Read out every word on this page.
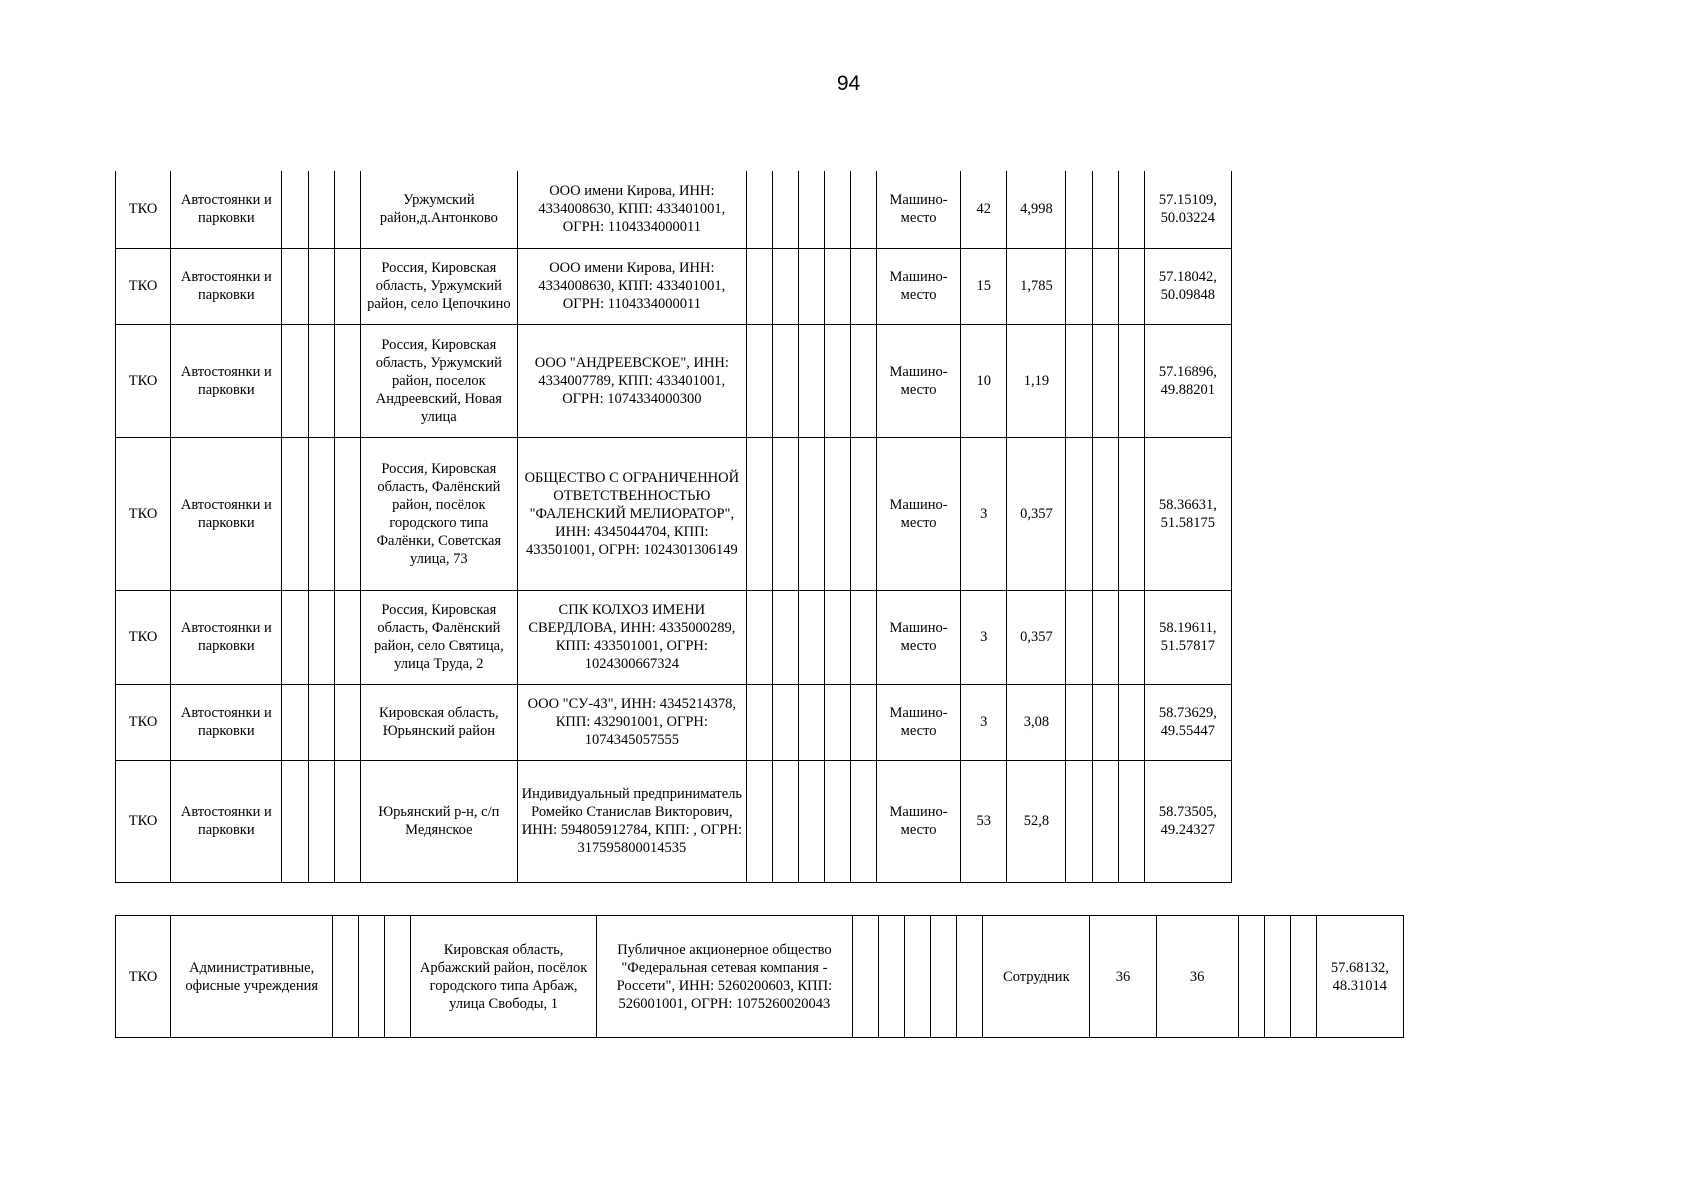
94
ТКО	Автостоянки и парковки				Уржумский район,д.Антонково	ООО имени Кирова, ИНН: 4334008630, КПП: 433401001, ОГРН: 1104334000011						Машино-место	42	4,998				57.15109, 50.03224
ТКО	Автостоянки и парковки				Россия, Кировская область, Уржумский район, село Цепочкино	ООО имени Кирова, ИНН: 4334008630, КПП: 433401001, ОГРН: 1104334000011						Машино-место	15	1,785				57.18042, 50.09848
ТКО	Автостоянки и парковки				Россия, Кировская область, Уржумский район, поселок Андреевский, Новая улица	ООО "АНДРЕЕВСКОЕ", ИНН: 4334007789, КПП: 433401001, ОГРН: 1074334000300						Машино-место	10	1,19				57.16896, 49.88201
ТКО	Автостоянки и парковки				Россия, Кировская область, Фалёнский район, посёлок городского типа Фалёнки, Советская улица, 73	ОБЩЕСТВО С ОГРАНИЧЕННОЙ ОТВЕТСТВЕННОСТЬЮ "ФАЛЕНСКИЙ МЕЛИОРАТОР", ИНН: 4345044704, КПП: 433501001, ОГРН: 1024301306149						Машино-место	3	0,357				58.36631, 51.58175
ТКО	Автостоянки и парковки				Россия, Кировская область, Фалёнский район, село Святица, улица Труда, 2	СПК КОЛХОЗ ИМЕНИ СВЕРДЛОВА, ИНН: 4335000289, КПП: 433501001, ОГРН: 1024300667324						Машино-место	3	0,357				58.19611, 51.57817
ТКО	Автостоянки и парковки				Кировская область, Юрьянский район	ООО "СУ-43", ИНН: 4345214378, КПП: 432901001, ОГРН: 1074345057555						Машино-место	3	3,08				58.73629, 49.55447
ТКО	Автостоянки и парковки				Юрьянский р-н, с/п Медянское	Индивидуальный предприниматель Ромейко Станислав Викторович, ИНН: 594805912784, КПП: , ОГРН: 317595800014535						Машино-место	53	52,8				58.73505, 49.24327
ТКО	Административные, офисные учреждения				Кировская область, Арбажский район, посёлок городского типа Арбаж, улица Свободы, 1	Публичное акционерное общество "Федеральная сетевая компания - Россети", ИНН: 5260200603, КПП: 526001001, ОГРН: 1075260020043						Сотрудник	36	36				57.68132, 48.31014
